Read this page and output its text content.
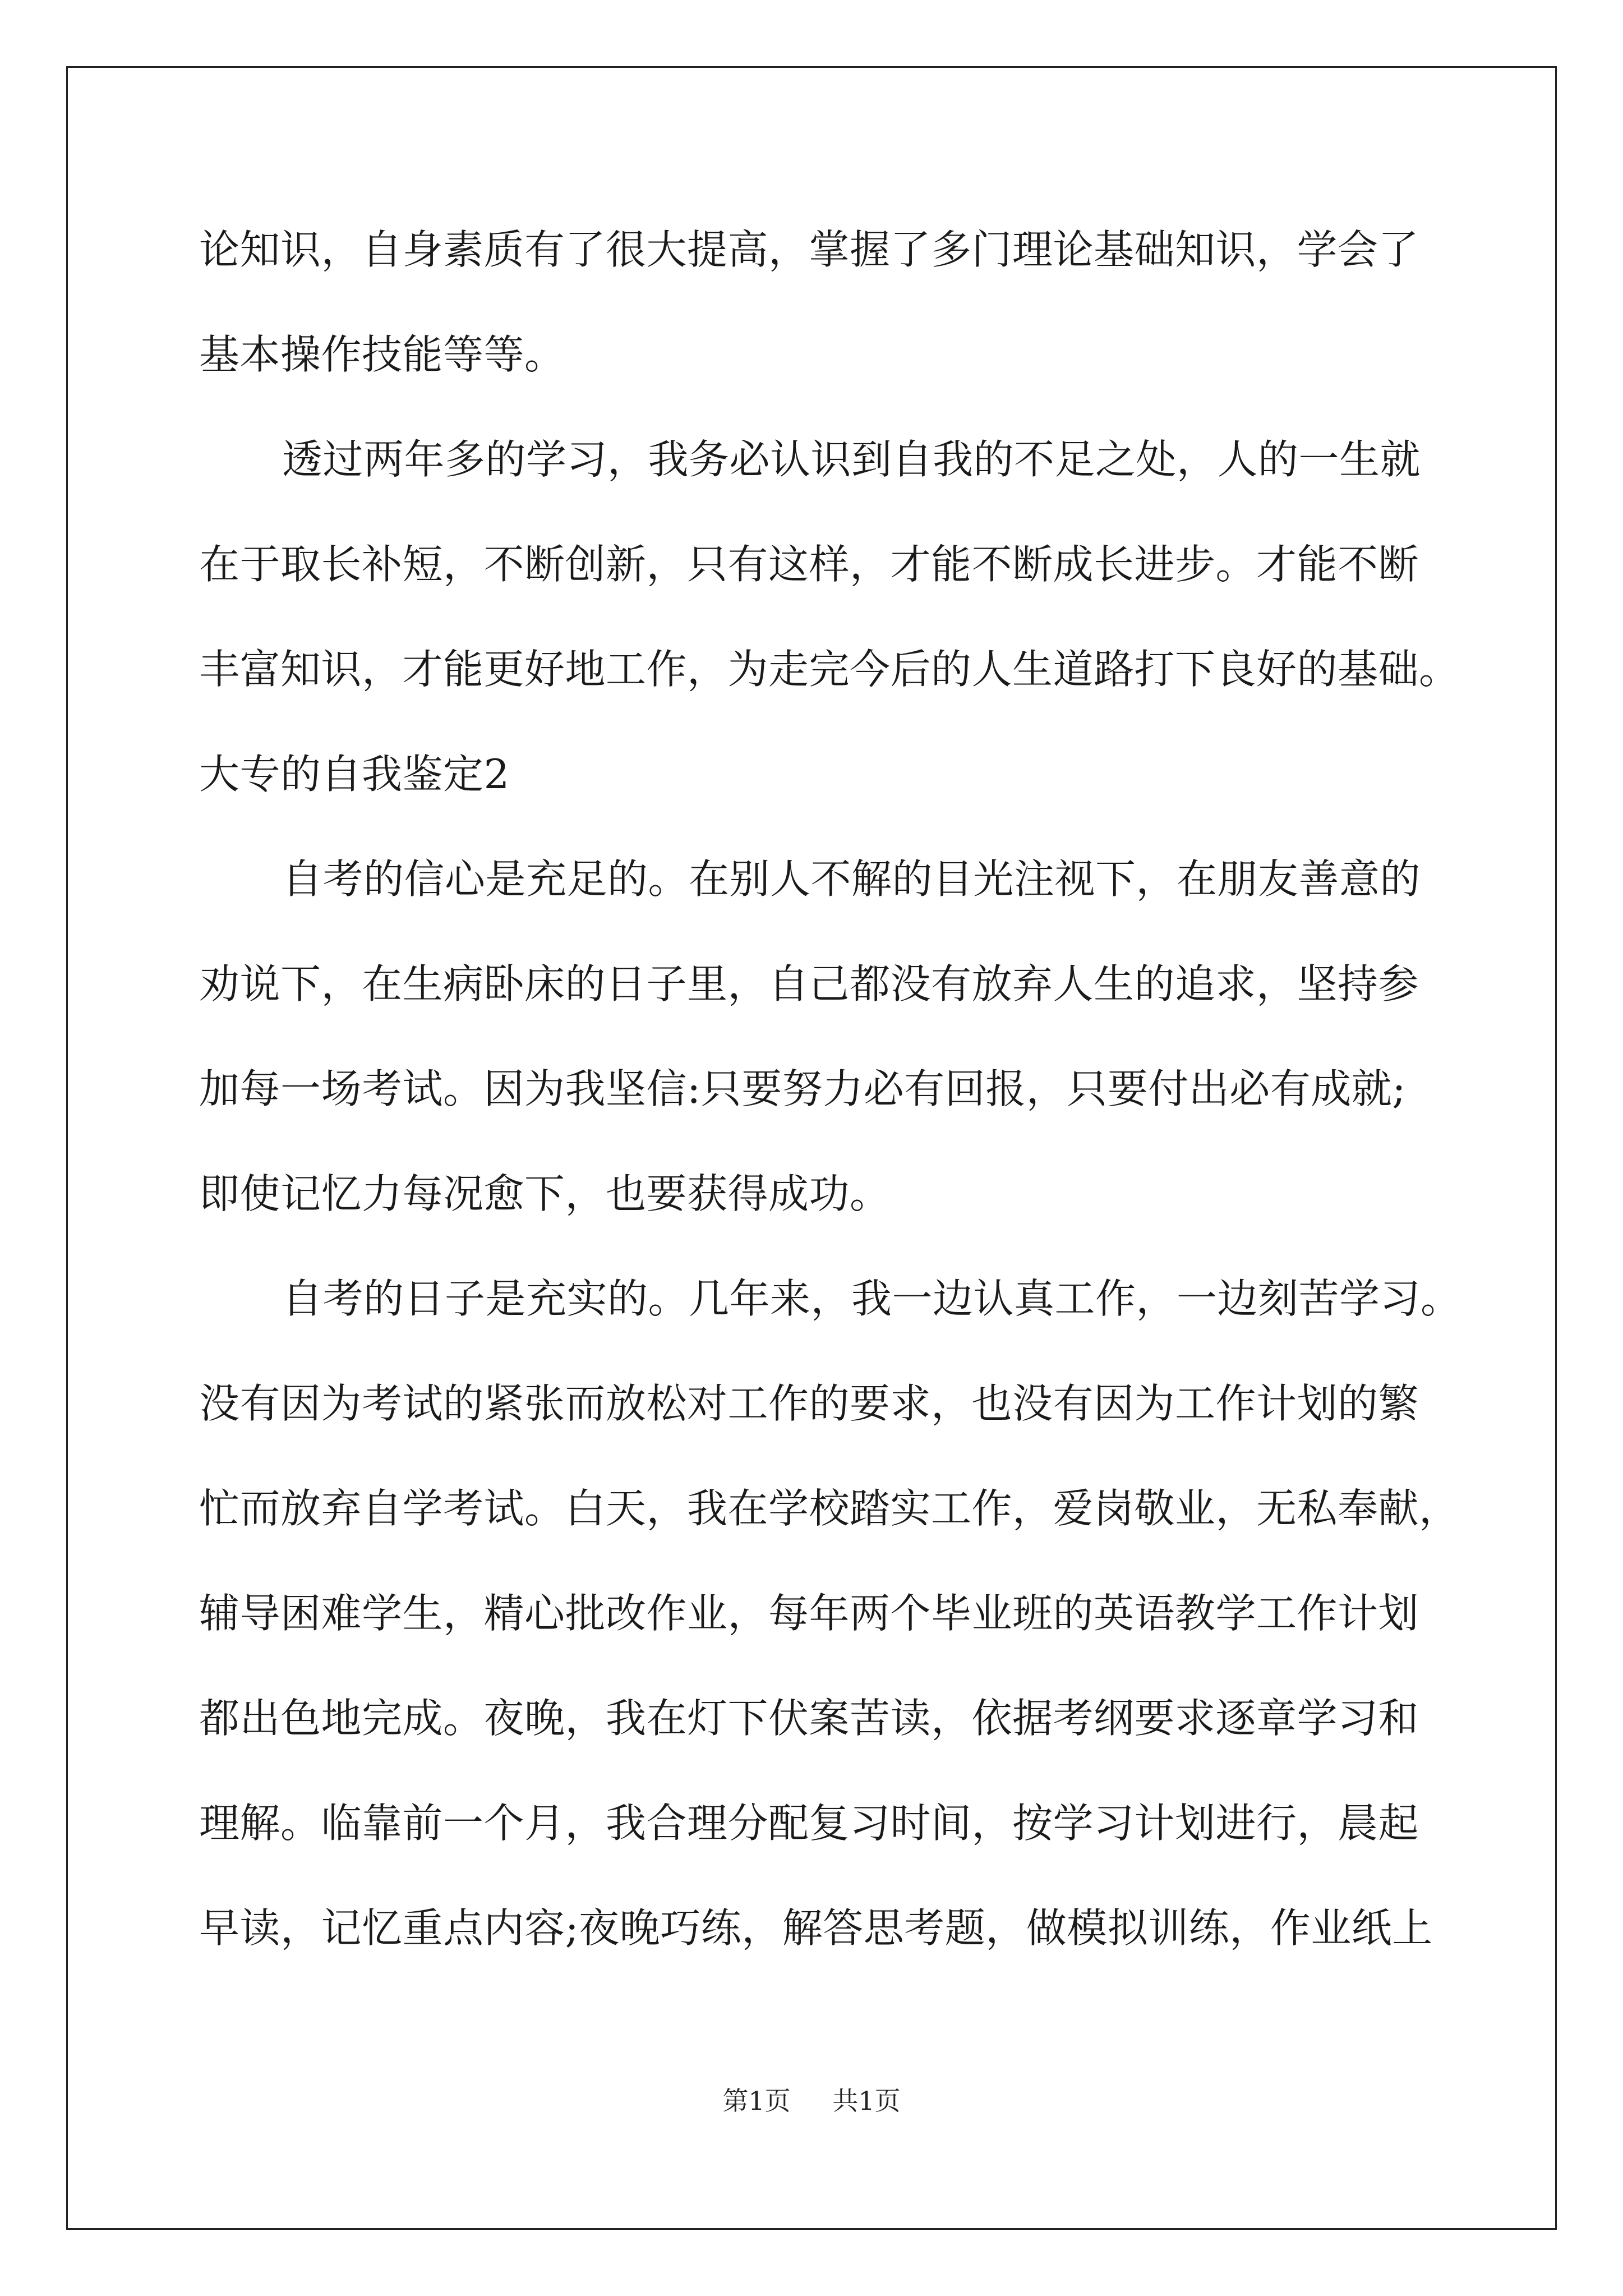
论知识，自身素质有了很大提高，掌握了多门理论基础知识，学会了
基本操作技能等等。
透过两年多的学习，我务必认识到自我的不足之处，人的一生就
在于取长补短，不断创新，只有这样，才能不断成长进步。才能不断
丰富知识，才能更好地工作，为走完今后的人生道路打下良好的基础。
大专的自我鉴定2
自考的信心是充足的。在别人不解的目光注视下，在朋友善意的
劝说下，在生病卧床的日子里，自己都没有放弃人生的追求，坚持参
加每一场考试。因为我坚信:只要努力必有回报，只要付出必有成就;
即使记忆力每况愈下，也要获得成功。
自考的日子是充实的。几年来，我一边认真工作，一边刻苦学习。
没有因为考试的紧张而放松对工作的要求，也没有因为工作计划的繁
忙而放弃自学考试。白天，我在学校踏实工作，爱岗敬业，无私奉献，
辅导困难学生，精心批改作业，每年两个毕业班的英语教学工作计划
都出色地完成。夜晚，我在灯下伏案苦读，依据考纲要求逐章学习和
理解。临靠前一个月，我合理分配复习时间，按学习计划进行，晨起
早读，记忆重点内容;夜晚巧练，解答思考题，做模拟训练，作业纸上
第1页 共1页
